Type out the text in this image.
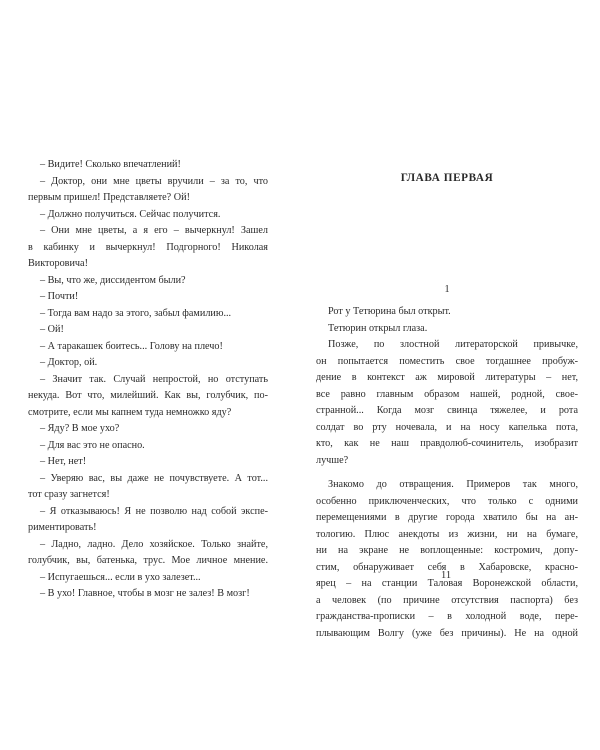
– Видите! Сколько впечатлений!
– Доктор, они мне цветы вручили – за то, что
первым пришел! Представляете? Ой!
– Должно получиться. Сейчас получится.
– Они мне цветы, а я его – вычеркнул! Зашел
в кабинку и вычеркнул! Подгорного! Николая
Викторовича!
– Вы, что же, диссидентом были?
– Почти!
– Тогда вам надо за этого, забыл фамилию...
– Ой!
– А таракашек боитесь... Голову на плечо!
– Доктор, ой.
– Значит так. Случай непростой, но отступать
некуда. Вот что, милейший. Как вы, голубчик, по-
смотрите, если мы капнем туда немножко яду?
– Яду? В мое ухо?
– Для вас это не опасно.
– Нет, нет!
– Уверяю вас, вы даже не почувствуете. А тот...
тот сразу загнется!
– Я отказываюсь! Я не позволю над собой экспе-
риментировать!
– Ладно, ладно. Дело хозяйское. Только знайте,
голубчик, вы, батенька, трус. Мое личное мнение.
– Испугаешься... если в ухо залезет...
– В ухо! Главное, чтобы в мозг не залез! В мозг!
ГЛАВА ПЕРВАЯ
1
Рот у Тетюрина был открыт.
Тетюрин открыл глаза.
Позже, по злостной литераторской привычке,
он попытается поместить свое тогдашнее пробуж-
дение в контекст аж мировой литературы – нет,
все равно главным образом нашей, родной, свое-
странной... Когда мозг свинца тяжелее, и рота
солдат во рту ночевала, и на носу капелька пота,
кто, как не наш правдолюб-сочинитель, изобразит
лучше?
Знакомо до отвращения. Примеров так много,
особенно приключенческих, что только с одними
перемещениями в другие города хватило бы на ан-
тологию. Плюс анекдоты из жизни, ни на бумаге,
ни на экране не воплощенные: костромич, допу-
стим, обнаруживает себя в Хабаровске, красно-
ярец – на станции Таловая Воронежской области,
а человек (по причине отсутствия паспорта) без
гражданства-прописки – в холодной воде, пере-
плывающим Волгу (уже без причины). Не на одной
11
